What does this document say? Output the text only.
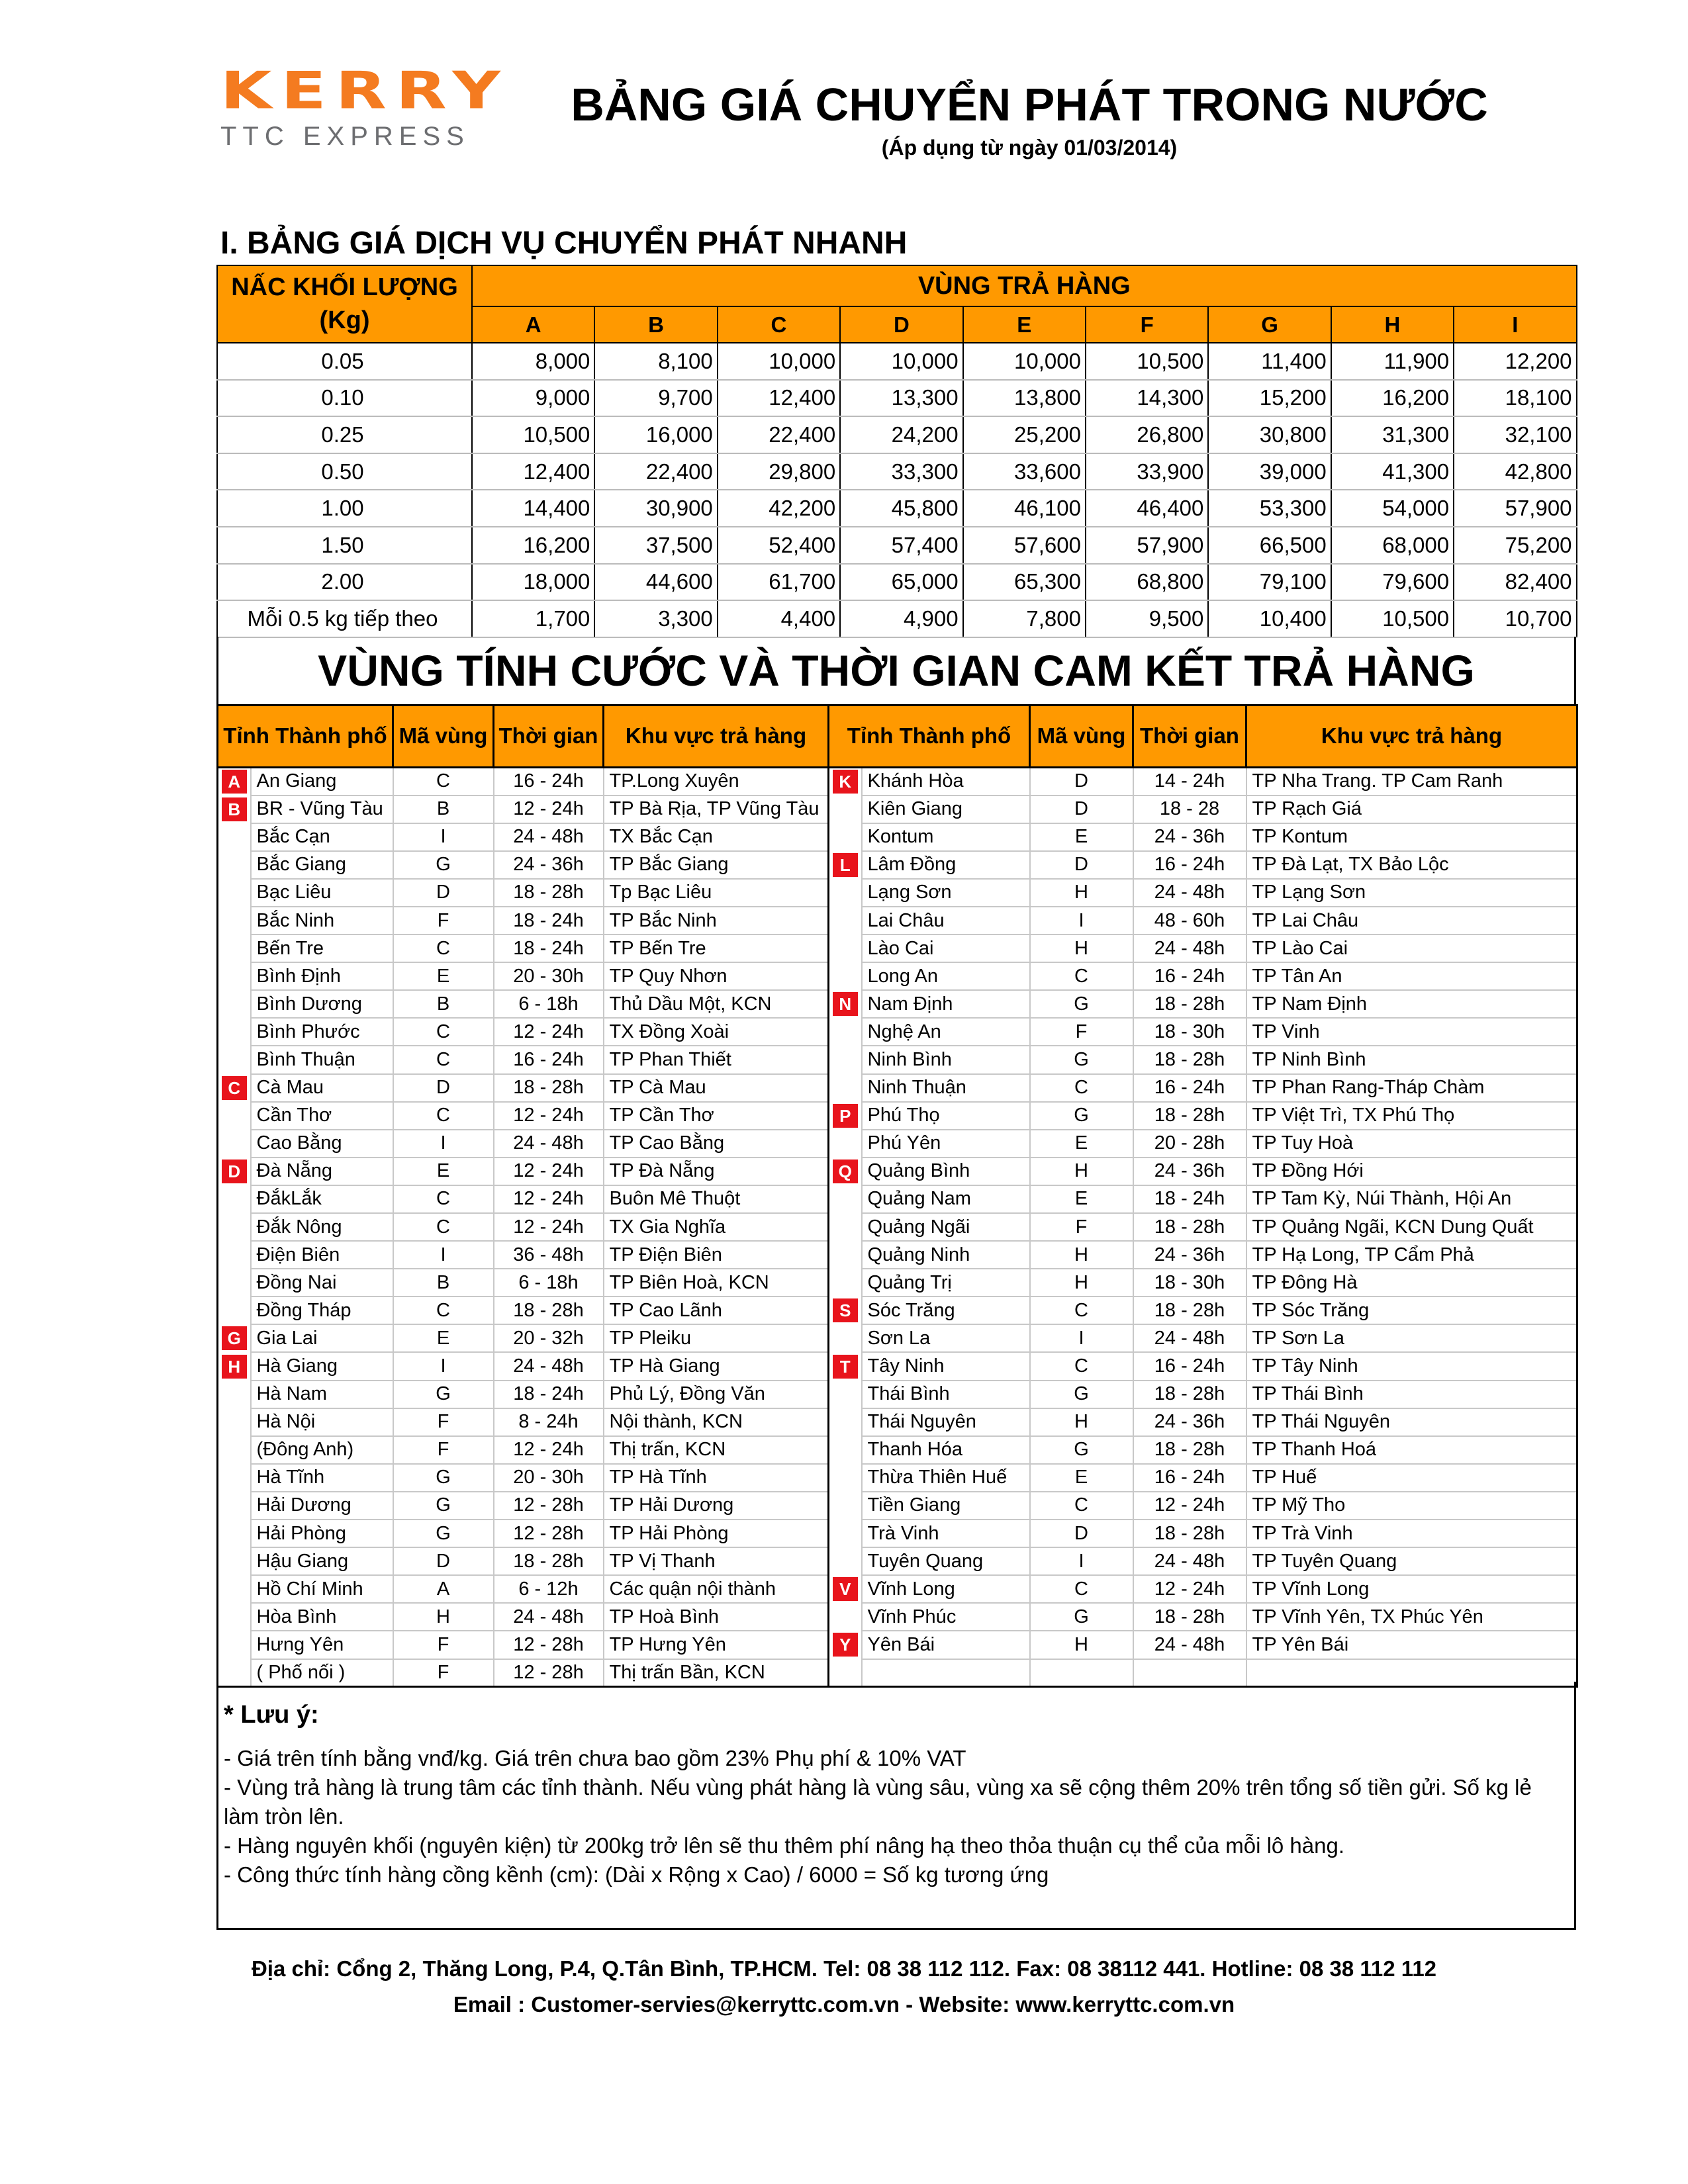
KERRY
TTC EXPRESS
BẢNG GIÁ CHUYỂN PHÁT TRONG NƯỚC
(Áp dụng từ ngày 01/03/2014)
I. BẢNG GIÁ DỊCH VỤ CHUYỂN PHÁT NHANH
NẤC KHỐI LƯỢNG (Kg)	VÙNG TRẢ HÀNG								
	A	B	C	D	E	F	G	H	I
0.05	8,000	8,100	10,000	10,000	10,000	10,500	11,400	11,900	12,200
0.10	9,000	9,700	12,400	13,300	13,800	14,300	15,200	16,200	18,100
0.25	10,500	16,000	22,400	24,200	25,200	26,800	30,800	31,300	32,100
0.50	12,400	22,400	29,800	33,300	33,600	33,900	39,000	41,300	42,800
1.00	14,400	30,900	42,200	45,800	46,100	46,400	53,300	54,000	57,900
1.50	16,200	37,500	52,400	57,400	57,600	57,900	66,500	68,000	75,200
2.00	18,000	44,600	61,700	65,000	65,300	68,800	79,100	79,600	82,400
Mỗi 0.5 kg tiếp theo	1,700	3,300	4,400	4,900	7,800	9,500	10,400	10,500	10,700
VÙNG TÍNH CƯỚC VÀ THỜI GIAN CAM KẾT TRẢ HÀNG
Tỉnh Thành phố		Mã vùng	Thời gian	Khu vực trả hàng	Tỉnh Thành phố		Mã vùng	Thời gian	Khu vực trả hàng
A	An Giang	C	16 - 24h	TP.Long Xuyên	K	Khánh Hòa	D	14 - 24h	TP Nha Trang. TP Cam Ranh
B	BR - Vũng Tàu	B	12 - 24h	TP Bà Rịa, TP Vũng Tàu		Kiên Giang	D	18 - 28	TP Rạch Giá
	Bắc Cạn	I	24 - 48h	TX Bắc Cạn		Kontum	E	24 - 36h	TP Kontum
	Bắc Giang	G	24 - 36h	TP Bắc Giang	L	Lâm Đồng	D	16 - 24h	TP Đà Lạt, TX Bảo Lộc
	Bạc Liêu	D	18 - 28h	Tp Bạc Liêu		Lạng Sơn	H	24 - 48h	TP Lạng Sơn
	Bắc Ninh	F	18 - 24h	TP Bắc Ninh		Lai Châu	I	48 - 60h	TP Lai Châu
	Bến Tre	C	18 - 24h	TP Bến Tre		Lào Cai	H	24 - 48h	TP Lào Cai
	Bình Định	E	20 - 30h	TP Quy Nhơn		Long An	C	16 - 24h	TP Tân An
	Bình Dương	B	6 - 18h	Thủ Dầu Một, KCN	N	Nam Định	G	18 - 28h	TP Nam Định
	Bình Phước	C	12 - 24h	TX Đồng Xoài		Nghệ An	F	18 - 30h	TP Vinh
	Bình Thuận	C	16 - 24h	TP Phan Thiết		Ninh Bình	G	18 - 28h	TP Ninh Bình
C	Cà Mau	D	18 - 28h	TP Cà Mau		Ninh Thuận	C	16 - 24h	TP Phan Rang-Tháp Chàm
	Cần Thơ	C	12 - 24h	TP Cần Thơ	P	Phú Thọ	G	18 - 28h	TP Việt Trì, TX Phú Thọ
	Cao Bằng	I	24 - 48h	TP Cao Bằng		Phú Yên	E	20 - 28h	TP Tuy Hoà
D	Đà Nẵng	E	12 - 24h	TP Đà Nẵng	Q	Quảng Bình	H	24 - 36h	TP Đồng Hới
	ĐắkLắk	C	12 - 24h	Buôn Mê Thuột		Quảng Nam	E	18 - 24h	TP Tam Kỳ, Núi Thành, Hội An
	Đắk Nông	C	12 - 24h	TX Gia Nghĩa		Quảng Ngãi	F	18 - 28h	TP Quảng Ngãi, KCN Dung Quất
	Điện Biên	I	36 - 48h	TP Điện Biên		Quảng Ninh	H	24 - 36h	TP Hạ Long, TP Cẩm Phả
	Đồng Nai	B	6 - 18h	TP Biên Hoà, KCN		Quảng Trị	H	18 - 30h	TP Đông Hà
	Đồng Tháp	C	18 - 28h	TP Cao Lãnh	S	Sóc Trăng	C	18 - 28h	TP Sóc Trăng
G	Gia Lai	E	20 - 32h	TP Pleiku		Sơn La	I	24 - 48h	TP Sơn La
H	Hà Giang	I	24 - 48h	TP Hà Giang	T	Tây Ninh	C	16 - 24h	TP Tây Ninh
	Hà Nam	G	18 - 24h	Phủ Lý, Đồng Văn		Thái Bình	G	18 - 28h	TP Thái Bình
	Hà Nội	F	8 - 24h	Nội thành, KCN		Thái Nguyên	H	24 - 36h	TP Thái Nguyên
	(Đông Anh)	F	12 - 24h	Thị trấn, KCN		Thanh Hóa	G	18 - 28h	TP Thanh Hoá
	Hà Tĩnh	G	20 - 30h	TP Hà Tĩnh		Thừa Thiên Huế	E	16 - 24h	TP Huế
	Hải Dương	G	12 - 28h	TP Hải Dương		Tiền Giang	C	12 - 24h	TP Mỹ Tho
	Hải Phòng	G	12 - 28h	TP Hải Phòng		Trà Vinh	D	18 - 28h	TP Trà Vinh
	Hậu Giang	D	18 - 28h	TP Vị Thanh		Tuyên Quang	I	24 - 48h	TP Tuyên Quang
	Hồ Chí Minh	A	6 - 12h	Các quận nội thành	V	Vĩnh Long	C	12 - 24h	TP Vĩnh Long
	Hòa Bình	H	24 - 48h	TP Hoà Bình		Vĩnh Phúc	G	18 - 28h	TP Vĩnh Yên, TX Phúc Yên
	Hưng Yên	F	12 - 28h	TP Hưng Yên	Y	Yên Bái	H	24 - 48h	TP Yên Bái
	( Phố nối )	F	12 - 28h	Thị trấn Bần, KCN					
* Lưu ý:
- Giá trên tính bằng vnđ/kg. Giá trên chưa bao gồm 23% Phụ phí & 10% VAT
- Vùng trả hàng là trung tâm các tỉnh thành. Nếu vùng phát hàng là vùng sâu, vùng xa sẽ cộng thêm 20% trên tổng số tiền gửi. Số kg lẻ làm tròn lên.
- Hàng nguyên khối (nguyên kiện) từ 200kg trở lên sẽ thu thêm phí nâng hạ theo thỏa thuận cụ thể của mỗi lô hàng.
- Công thức tính hàng cồng kềnh (cm): (Dài x Rộng x Cao) / 6000 = Số kg tương ứng
Địa chỉ: Cổng 2, Thăng Long, P.4, Q.Tân Bình, TP.HCM. Tel: 08 38 112 112. Fax: 08 38112 441. Hotline: 08 38 112 112
Email : Customer-servies@kerryttc.com.vn - Website: www.kerryttc.com.vn
